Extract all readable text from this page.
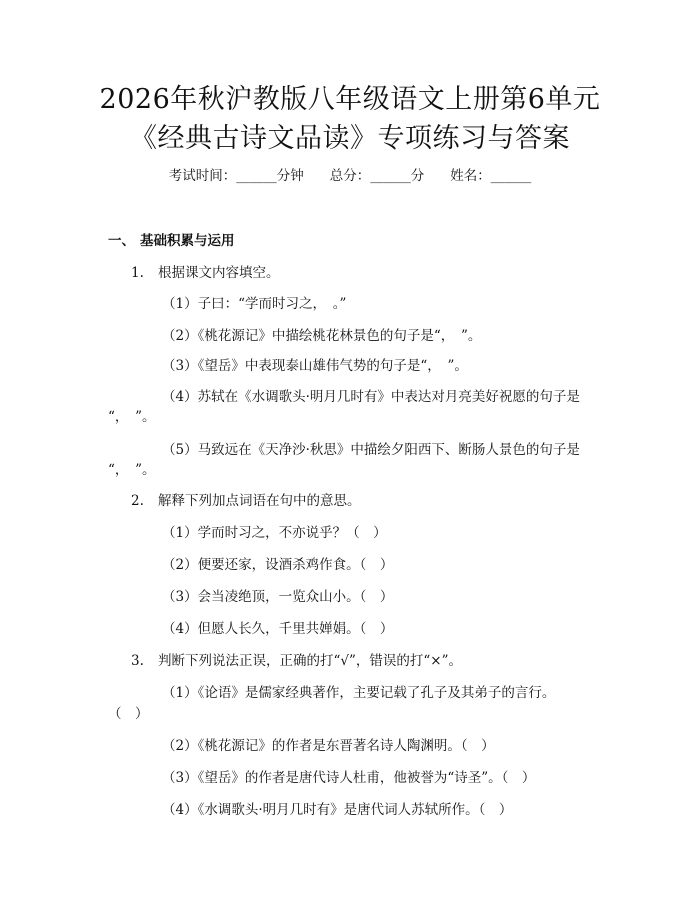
2026年秋沪教版八年级语文上册第6单元
《经典古诗文品读》专项练习与答案
考试时间：______分钟 总分：______分 姓名：______
一、 基础积累与运用
1. 根据课文内容填空。
（1）子曰：“学而时习之，　。”
（2）《桃花源记》中描绘桃花林景色的句子是“，　”。
（3）《望岳》中表现泰山雄伟气势的句子是“，　”。
（4）苏轼在《水调歌头·明月几时有》中表达对月亮美好祝愿的句子是
“，　”。
（5）马致远在《天净沙·秋思》中描绘夕阳西下、断肠人景色的句子是
“，　”。
2. 解释下列加点词语在句中的意思。
（1）学而时习之，不亦说乎？（　）
（2）便要还家，设酒杀鸡作食。（　）
（3）会当凌绝顶，一览众山小。（　）
（4）但愿人长久，千里共婵娟。（　）
3. 判断下列说法正误，正确的打“√”，错误的打“×”。
（1）《论语》是儒家经典著作，主要记载了孔子及其弟子的言行。
（　）
（2）《桃花源记》的作者是东晋著名诗人陶渊明。（　）
（3）《望岳》的作者是唐代诗人杜甫，他被誉为“诗圣”。（　）
（4）《水调歌头·明月几时有》是唐代词人苏轼所作。（　）
